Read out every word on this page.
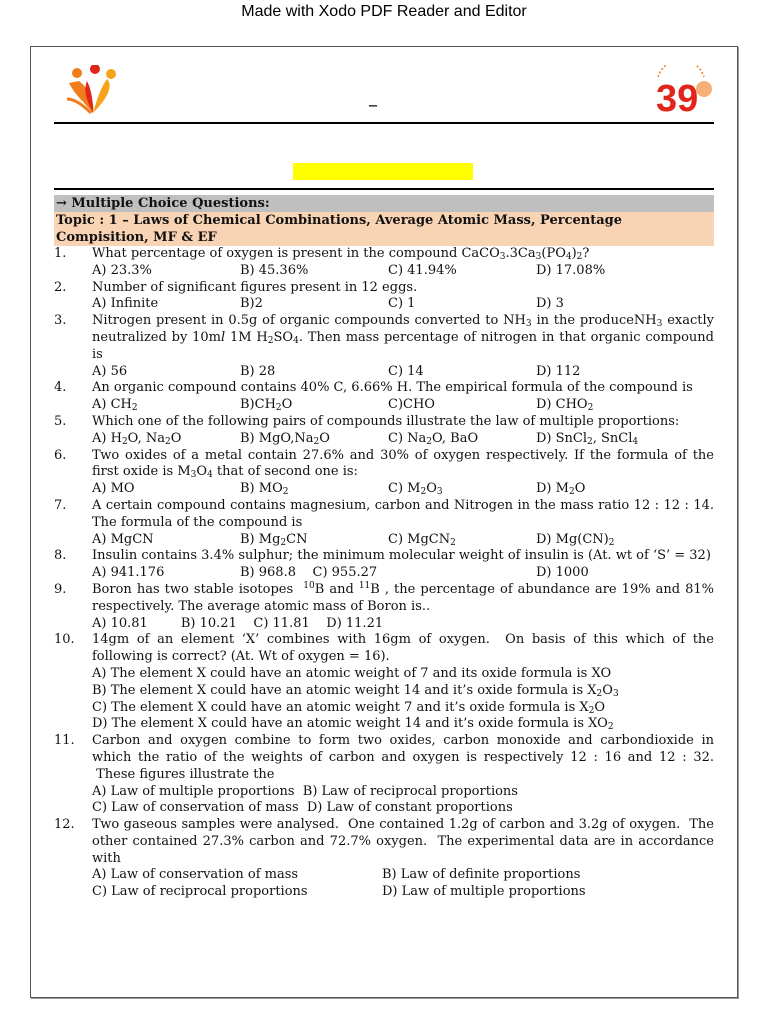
Made with Xodo PDF Reader and Editor
–	39
→ Multiple Choice Questions:
Topic : 1 – Laws of Chemical Combinations, Average Atomic Mass, Percentage
Compisition, MF & EF
1.	What percentage of oxygen is present in the compound $CaCO_3.3Ca_3(PO_4)_2$?
A) 23.3%	B) 45.36%	C) 41.94%	D) 17.08%
2.	Number of significant figures present in 12 eggs.
A) Infinite	B)2	C) 1	D) 3
3.	Nitrogen present in 0.5g of organic compounds converted to $NH_3$ in the produceNH$_3$ exactly neutralized by 10ml 1M $H_2SO_4$. Then mass percentage of nitrogen in that organic compound is
A) 56	B) 28	C) 14	D) 112
4.	An organic compound contains 40% C, 6.66% H. The empirical formula of the compound is
A) $CH_2$	$B)CH_2O$	C)CHO	D) $CHO_2$
5.	Which one of the following pairs of compounds illustrate the law of multiple proportions:
A) $H_2O$, $Na_2O$	B) $MgO,Na_2O$	C) $Na_2O$, BaO	D) SnCl$_2$, SnCl$_4$
6.	Two oxides of a metal contain 27.6% and 30% of oxygen respectively. If the formula of the first oxide is $M_3O_4$ that of second one is:
A) MO	B) $MO_2$	C) $M_2O_3$	D) $M_2O$
7.	A certain compound contains magnesium, carbon and Nitrogen in the mass ratio 12 : 12 : 14. The formula of the compound is
A) MgCN	B) $Mg_2CN$	C) MgCN$_2$	D) $Mg(CN)_2$
8.	Insulin contains 3.4% sulphur; the minimum molecular weight of insulin is (At. wt of ‘S’ = 32)
A) 941.176	B) 968.8    C) 955.27	D) 1000
9.	Boron has two stable isotopes  $^{10}$B and $^{11}$B , the percentage of abundance are 19% and 81% respectively. The average atomic mass of Boron is..
A) 10.81        B) 10.21    C) 11.81    D) 11.21
10.	14gm of an element ‘X’ combines with 16gm of oxygen.  On basis of this which of the following is correct? (At. Wt of oxygen = 16).
A) The element X could have an atomic weight of 7 and its oxide formula is XO
B) The element X could have an atomic weight 14 and it’s oxide formula is $X_2O_3$
C) The element X could have an atomic weight 7 and it’s oxide formula is $X_2O$
D) The element X could have an atomic weight 14 and it’s oxide formula is $XO_2$
11.	Carbon and oxygen combine to form two oxides, carbon monoxide and carbondioxide in which the ratio of the weights of carbon and oxygen is respectively 12 : 16 and 12 : 32.  These figures illustrate the
A) Law of multiple proportions  B) Law of reciprocal proportions
C) Law of conservation of mass  D) Law of constant proportions
12.	Two gaseous samples were analysed.  One contained 1.2g of carbon and 3.2g of oxygen.  The other contained 27.3% carbon and 72.7% oxygen.  The experimental data are in accordance with
A) Law of conservation of mass	B) Law of definite proportions
C) Law of reciprocal proportions	D) Law of multiple proportions
